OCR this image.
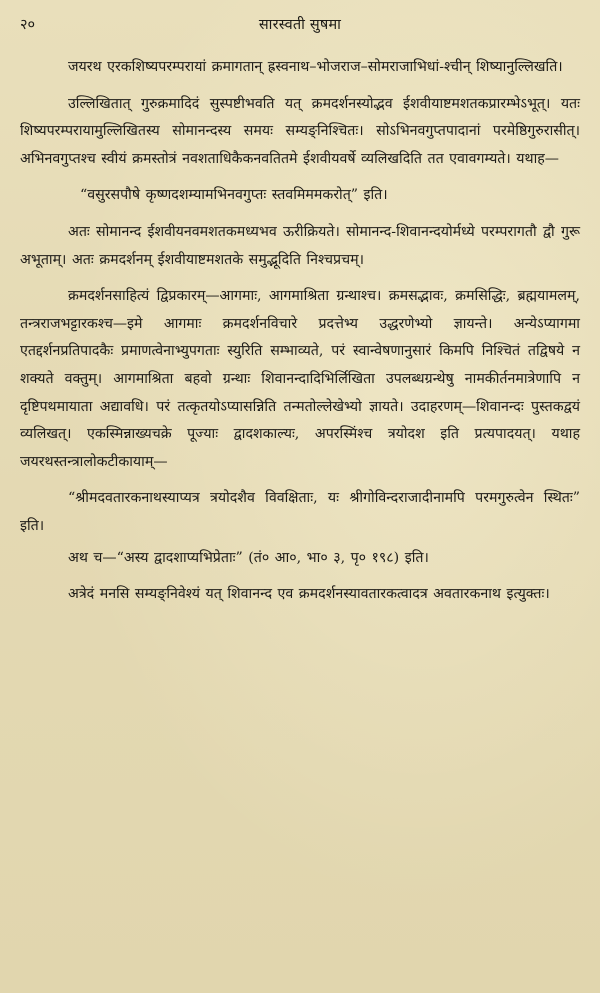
२०	सारस्वती सुषमा

जयरथ एरकशिष्यपरम्परायां क्रमागतान् ह्रस्वनाथ–भोजराज–सोमराजाभिधां-श्चीन् शिष्यानुल्लिखति।

उल्लिखितात् गुरुक्रमादिदं सुस्पष्टीभवति यत् क्रमदर्शनस्योद्भव ईशवीयाष्टमशतकप्रारम्भेऽभूत्। यतः शिष्यपरम्परायामुल्लिखितस्य सोमानन्दस्य समयः सम्यङ्निश्चितः। सोऽभिनवगुप्तपादानां परमेष्ठिगुरुरासीत्। अभिनवगुप्तश्च स्वीयं क्रमस्तोत्रं नवशताधिकैकनवतितमे ईशवीयवर्षे व्यलिखदिति तत एवावगम्यते। यथाह—

“वसुरसपौषे कृष्णदशम्यामभिनवगुप्तः स्तवमिममकरोत्” इति।

अतः सोमानन्द ईशवीयनवमशतकमध्यभव ऊरीक्रियते। सोमानन्द-शिवानन्दयोर्मध्ये परम्परागतौ द्वौ गुरू अभूताम्। अतः क्रमदर्शनम् ईशवीयाष्टमशतके समुद्भूदिति निश्चप्रचम्।

क्रमदर्शनसाहित्यं द्विप्रकारम्—आगमाः, आगमाश्रिता ग्रन्थाश्च। क्रमसद्भावः, क्रमसिद्धिः, ब्रह्मयामलम्, तन्त्रराजभट्टारकश्च—इमे आगमाः क्रमदर्शनविचारे प्रदत्तेभ्य उद्धरणेभ्यो ज्ञायन्ते। अन्येऽप्यागमा एतद्दर्शनप्रतिपादकैः प्रमाणत्वेनाभ्युपगताः स्युरिति सम्भाव्यते, परं स्वान्वेषणानुसारं किमपि निश्चितं तद्विषये न शक्यते वक्तुम्। आगमाश्रिता बहवो ग्रन्थाः शिवानन्दादिभिर्लिखिता उपलब्धग्रन्थेषु नामकीर्तनमात्रेणापि न दृष्टिपथमायाता अद्यावधि। परं तत्कृतयोऽप्यासन्निति तन्मतोल्लेखेभ्यो ज्ञायते। उदाहरणम्—शिवानन्दः पुस्तकद्वयं व्यलिखत्। एकस्मिन्नाख्यचक्रे पूज्याः द्वादशकाल्यः, अपरस्मिंश्च त्रयोदश इति प्रत्यपादयत्। यथाह जयरथस्तन्त्रालोकटीकायाम्—

“श्रीमदवतारकनाथस्याप्यत्र त्रयोदशैव विवक्षिताः, यः श्रीगोविन्दराजादीनामपि परमगुरुत्वेन स्थितः” इति।

अथ च—“अस्य द्वादशाप्यभिप्रेताः” (तं० आ०, भा० ३, पृ० १९८) इति।

अत्रेदं मनसि सम्यङ्निवेश्यं यत् शिवानन्द एव क्रमदर्शनस्यावतारकत्वादत्र अवतारकनाथ इत्युक्तः।
